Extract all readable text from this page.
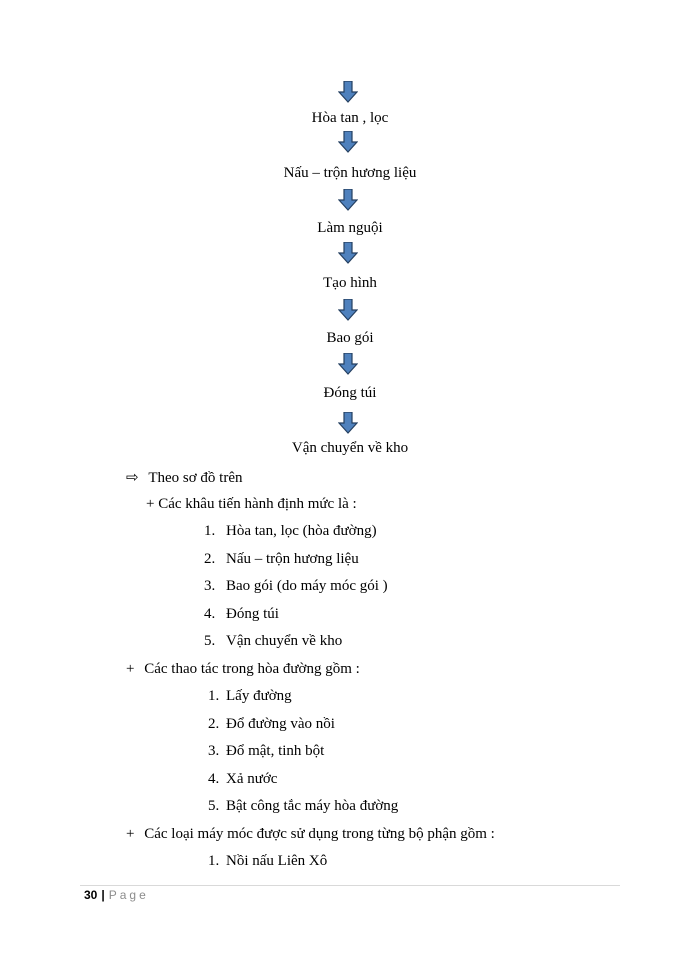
Hòa tan , lọc
Nấu – trộn hương liệu
Làm nguội
Tạo hình
Bao gói
Đóng túi
Vận chuyển về kho
⇨ Theo sơ đồ trên
+ Các khâu tiến hành định mức là :
1. Hòa tan, lọc (hòa đường)
2. Nấu – trộn hương liệu
3. Bao gói (do máy móc gói )
4. Đóng túi
5. Vận chuyển về kho
+ Các thao tác trong hòa đường gồm :
1. Lấy đường
2. Đổ đường vào nồi
3. Đổ mật, tinh bột
4. Xả nước
5. Bật công tắc máy hòa đường
+ Các loại máy móc được sử dụng trong từng bộ phận gồm :
1. Nồi nấu Liên Xô
30 | Page
